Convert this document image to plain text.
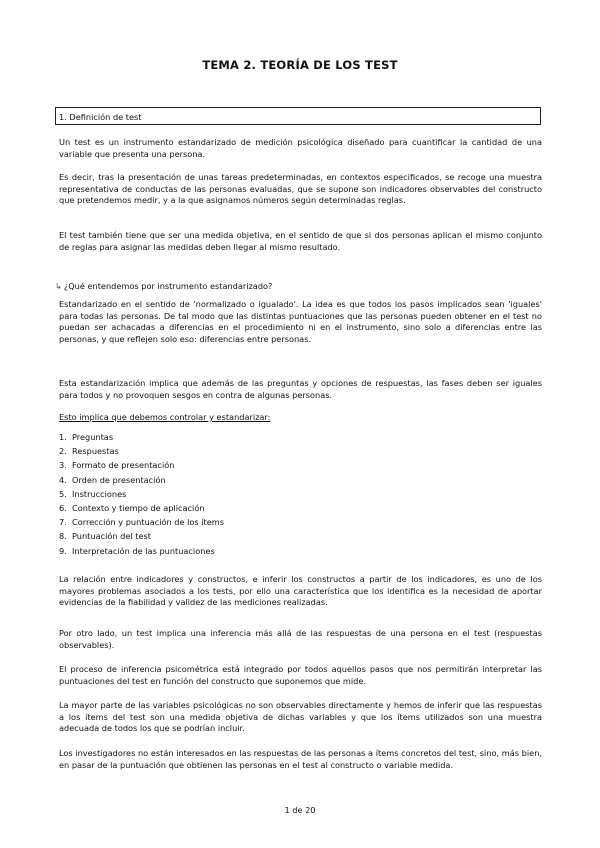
TEMA 2. TEORÍA DE LOS TEST
1. Definición de test

Un test es un instrumento estandarizado de medición psicológica diseñado para cuantificar la cantidad de una variable que presenta una persona.

Es decir, tras la presentación de unas tareas predeterminadas, en contextos especificados, se recoge una muestra representativa de conductas de las personas evaluadas, que se supone son indicadores observables del constructo que pretendemos medir, y a la que asignamos números según determinadas reglas.

El test también tiene que ser una medida objetiva, en el sentido de que si dos personas aplican el mismo conjunto de reglas para asignar las medidas deben llegar al mismo resultado.

↳ ¿Qué entendemos por instrumento estandarizado?

Estandarizado en el sentido de 'normalizado o igualado'. La idea es que todos los pasos implicados sean 'iguales' para todas las personas. De tal modo que las distintas puntuaciones que las personas pueden obtener en el test no puedan ser achacadas a diferencias en el procedimiento ni en el instrumento, sino solo a diferencias entre las personas, y que reflejen solo eso: diferencias entre personas.

Esta estandarización implica que además de las preguntas y opciones de respuestas, las fases deben ser iguales para todos y no provoquen sesgos en contra de algunas personas.

Esto implica que debemos controlar y estandarizar:
1. Preguntas
2. Respuestas
3. Formato de presentación
4. Orden de presentación
5. Instrucciones
6. Contexto y tiempo de aplicación
7. Corrección y puntuación de los ítems
8. Puntuación del test
9. Interpretación de las puntuaciones

La relación entre indicadores y constructos, e inferir los constructos a partir de los indicadores, es uno de los mayores problemas asociados a los tests, por ello una característica que los identifica es la necesidad de aportar evidencias de la fiabilidad y validez de las mediciones realizadas.

Por otro lado, un test implica una inferencia más allá de las respuestas de una persona en el test (respuestas observables).

El proceso de inferencia psicométrica está integrado por todos aquellos pasos que nos permitirán interpretar las puntuaciones del test en función del constructo que suponemos que mide.

La mayor parte de las variables psicológicas no son observables directamente y hemos de inferir que las respuestas a los ítems del test son una medida objetiva de dichas variables y que los ítems utilizados son una muestra adecuada de todos los que se podrían incluir.

Los investigadores no están interesados en las respuestas de las personas a ítems concretos del test, sino, más bien, en pasar de la puntuación que obtienen las personas en el test al constructo o variable medida.

1 de 20
